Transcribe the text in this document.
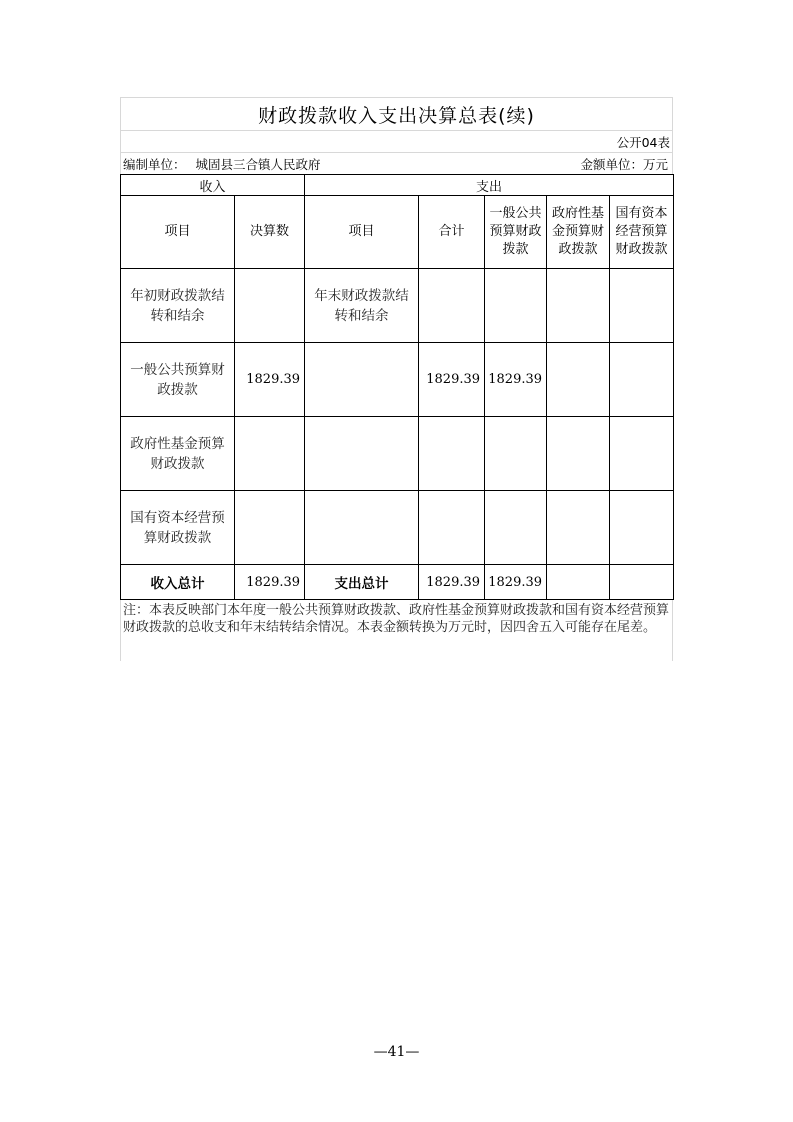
财政拨款收入支出决算总表(续)
公开04表
编制单位： 城固县三合镇人民政府	金额单位：万元
收入		支出				
项目	决算数	项目	合计	一般公共预算财政拨款	政府性基金预算财政拨款	国有资本经营预算财政拨款
年初财政拨款结转和结余		年末财政拨款结转和结余				
一般公共预算财政拨款	1829.39		1829.39	1829.39		
政府性基金预算财政拨款						
国有资本经营预算财政拨款						
收入总计	1829.39	支出总计	1829.39	1829.39		
注：本表反映部门本年度一般公共预算财政拨款、政府性基金预算财政拨款和国有资本经营预算财政拨款的总收支和年末结转结余情况。本表金额转换为万元时，因四舍五入可能存在尾差。
—41—
